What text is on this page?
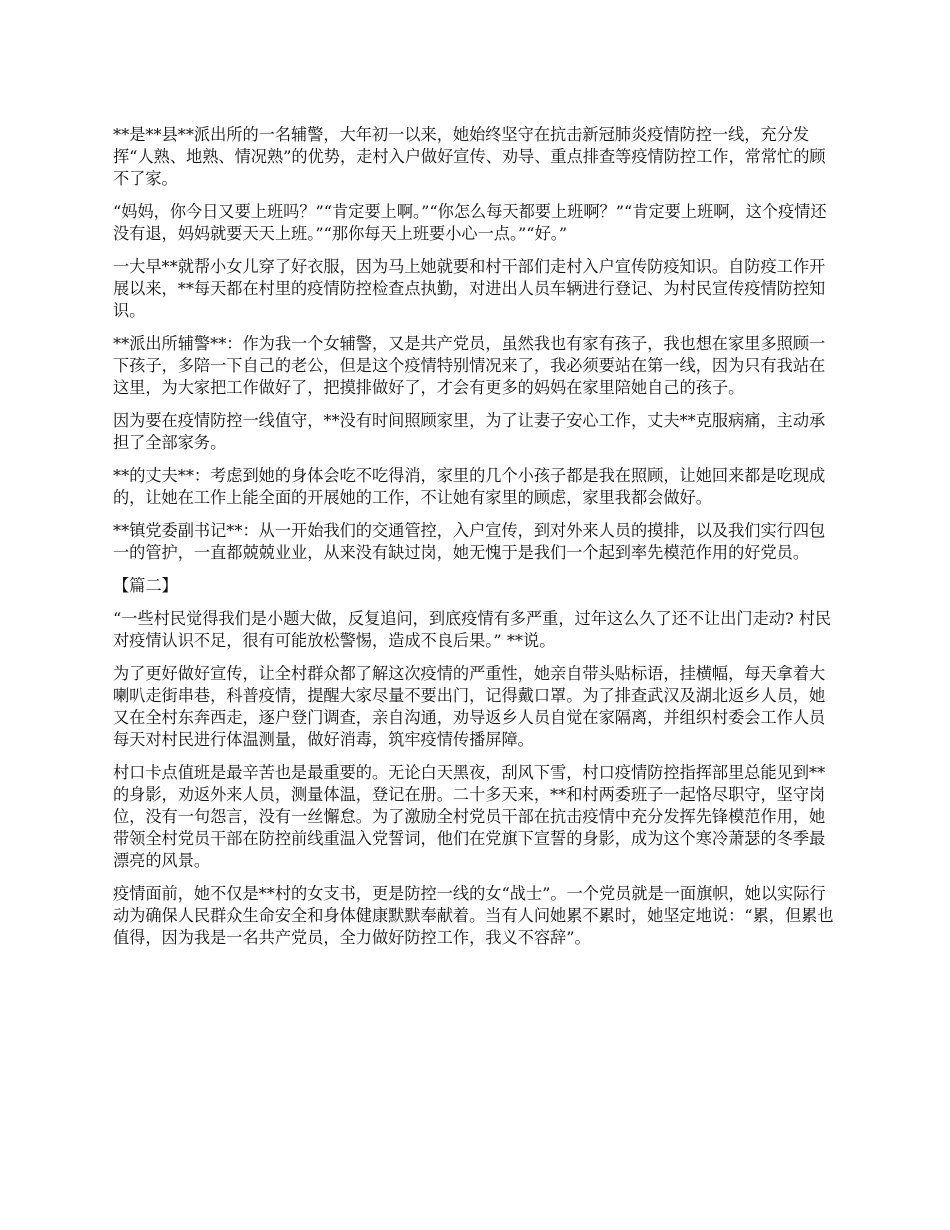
**是**县**派出所的一名辅警，大年初一以来，她始终坚守在抗击新冠肺炎疫情防控一线，充分发挥“人熟、地熟、情况熟”的优势，走村入户做好宣传、劝导、重点排查等疫情防控工作，常常忙的顾不了家。

“妈妈，你今日又要上班吗？”“肯定要上啊。”“你怎么每天都要上班啊？”“肯定要上班啊，这个疫情还没有退，妈妈就要天天上班。”“那你每天上班要小心一点。”“好。”

一大早**就帮小女儿穿了好衣服，因为马上她就要和村干部们走村入户宣传防疫知识。自防疫工作开展以来，**每天都在村里的疫情防控检查点执勤，对进出人员车辆进行登记、为村民宣传疫情防控知识。

**派出所辅警**：作为我一个女辅警，又是共产党员，虽然我也有家有孩子，我也想在家里多照顾一下孩子，多陪一下自己的老公，但是这个疫情特别情况来了，我必须要站在第一线，因为只有我站在这里，为大家把工作做好了，把摸排做好了，才会有更多的妈妈在家里陪她自己的孩子。

因为要在疫情防控一线值守，**没有时间照顾家里，为了让妻子安心工作，丈夫**克服病痛，主动承担了全部家务。

**的丈夫**：考虑到她的身体会吃不吃得消，家里的几个小孩子都是我在照顾，让她回来都是吃现成的，让她在工作上能全面的开展她的工作，不让她有家里的顾虑，家里我都会做好。

**镇党委副书记**：从一开始我们的交通管控，入户宣传，到对外来人员的摸排，以及我们实行四包一的管护，一直都兢兢业业，从来没有缺过岗，她无愧于是我们一个起到率先模范作用的好党员。

【篇二】

“一些村民觉得我们是小题大做，反复追问，到底疫情有多严重，过年这么久了还不让出门走动? 村民对疫情认识不足，很有可能放松警惕，造成不良后果。” **说。

为了更好做好宣传，让全村群众都了解这次疫情的严重性，她亲自带头贴标语，挂横幅，每天拿着大喇叭走街串巷，科普疫情，提醒大家尽量不要出门，记得戴口罩。为了排查武汉及湖北返乡人员，她又在全村东奔西走，逐户登门调查，亲自沟通，劝导返乡人员自觉在家隔离，并组织村委会工作人员每天对村民进行体温测量，做好消毒，筑牢疫情传播屏障。

村口卡点值班是最辛苦也是最重要的。无论白天黑夜，刮风下雪，村口疫情防控指挥部里总能见到**的身影，劝返外来人员，测量体温，登记在册。二十多天来，**和村两委班子一起恪尽职守，坚守岗位，没有一句怨言，没有一丝懈怠。为了激励全村党员干部在抗击疫情中充分发挥先锋模范作用，她带领全村党员干部在防控前线重温入党誓词，他们在党旗下宣誓的身影，成为这个寒冷萧瑟的冬季最漂亮的风景。

疫情面前，她不仅是**村的女支书，更是防控一线的女“战士”。一个党员就是一面旗帜，她以实际行动为确保人民群众生命安全和身体健康默默奉献着。当有人问她累不累时，她坚定地说：“累，但累也值得，因为我是一名共产党员，全力做好防控工作，我义不容辞”。
